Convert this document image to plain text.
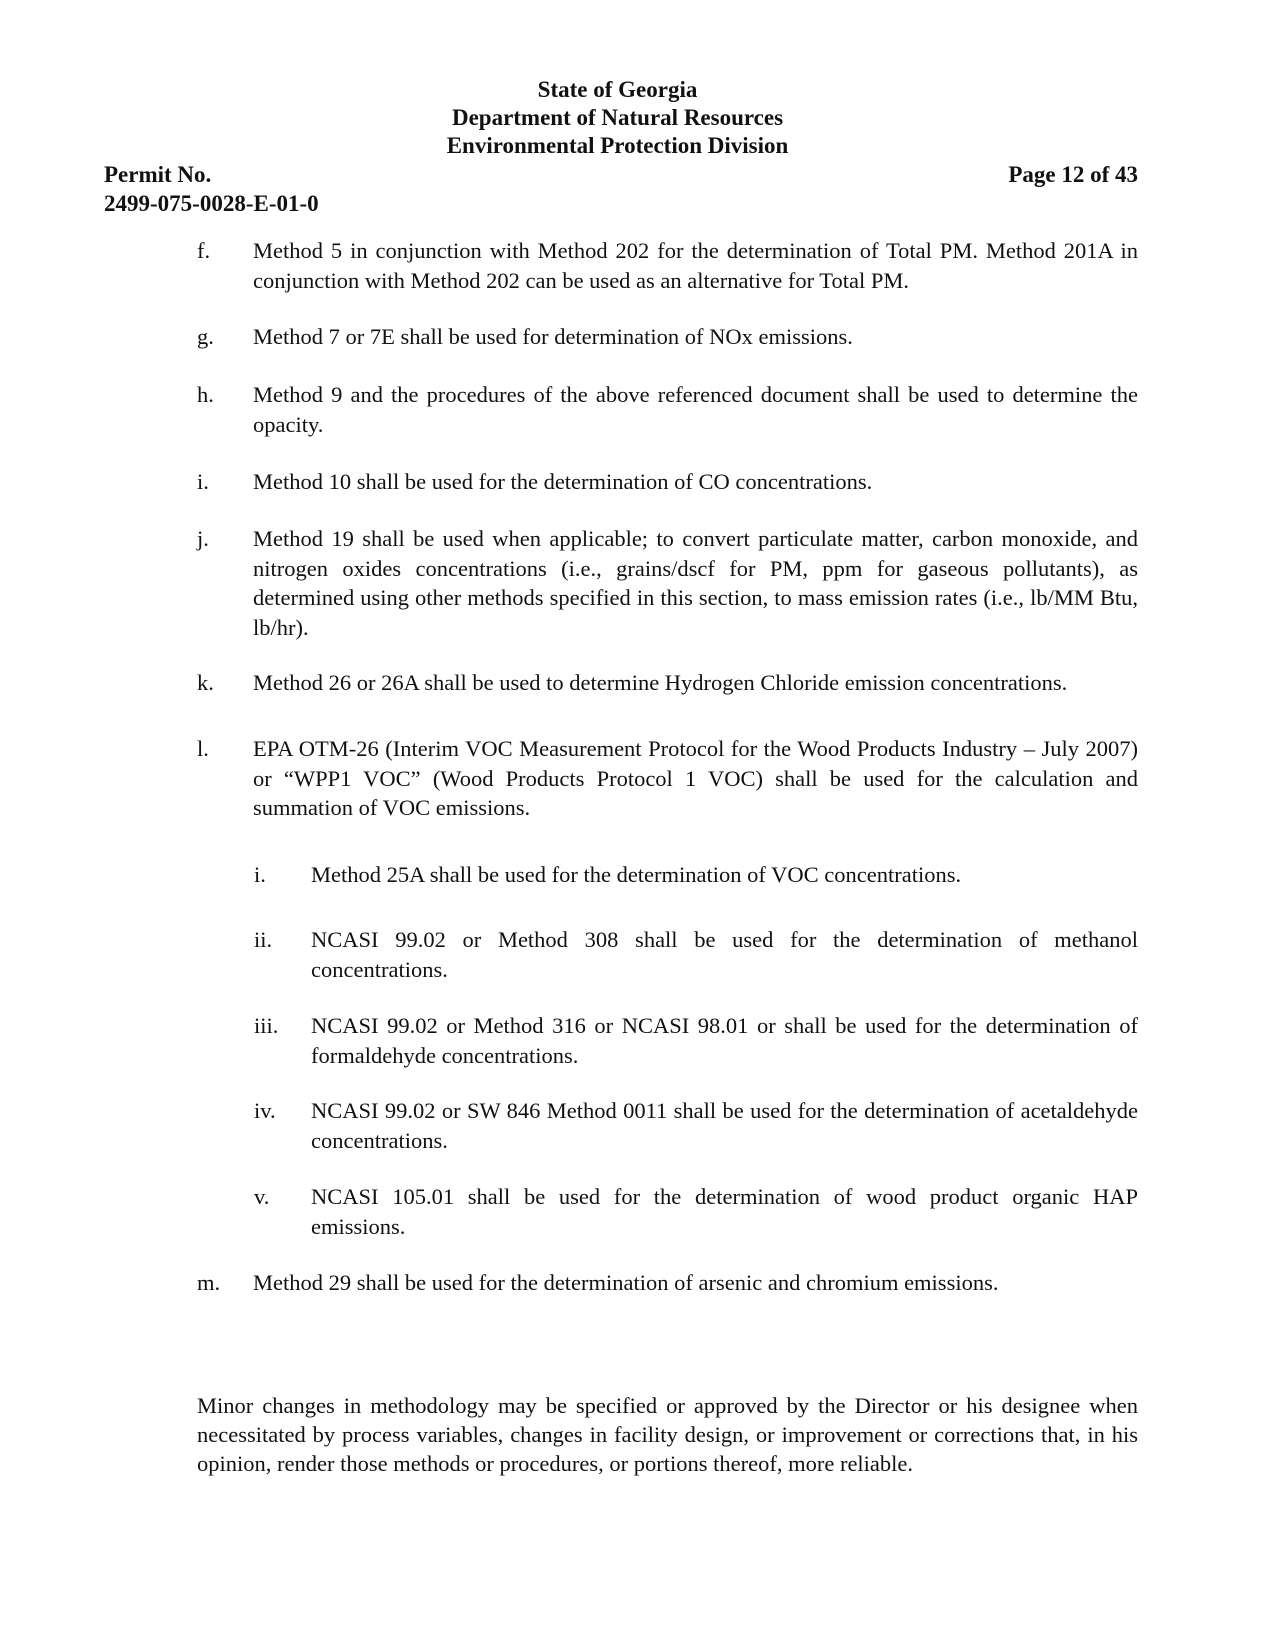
State of Georgia
Department of Natural Resources
Environmental Protection Division
Permit No.
2499-075-0028-E-01-0
Page 12 of 43
f. Method 5 in conjunction with Method 202 for the determination of Total PM. Method 201A in conjunction with Method 202 can be used as an alternative for Total PM.
g. Method 7 or 7E shall be used for determination of NOx emissions.
h. Method 9 and the procedures of the above referenced document shall be used to determine the opacity.
i. Method 10 shall be used for the determination of CO concentrations.
j. Method 19 shall be used when applicable; to convert particulate matter, carbon monoxide, and nitrogen oxides concentrations (i.e., grains/dscf for PM, ppm for gaseous pollutants), as determined using other methods specified in this section, to mass emission rates (i.e., lb/MM Btu, lb/hr).
k. Method 26 or 26A shall be used to determine Hydrogen Chloride emission concentrations.
l. EPA OTM-26 (Interim VOC Measurement Protocol for the Wood Products Industry – July 2007) or “WPP1 VOC” (Wood Products Protocol 1 VOC) shall be used for the calculation and summation of VOC emissions.
i. Method 25A shall be used for the determination of VOC concentrations.
ii. NCASI 99.02 or Method 308 shall be used for the determination of methanol concentrations.
iii. NCASI 99.02 or Method 316 or NCASI 98.01 or shall be used for the determination of formaldehyde concentrations.
iv. NCASI 99.02 or SW 846 Method 0011 shall be used for the determination of acetaldehyde concentrations.
v. NCASI 105.01 shall be used for the determination of wood product organic HAP emissions.
m. Method 29 shall be used for the determination of arsenic and chromium emissions.
Minor changes in methodology may be specified or approved by the Director or his designee when necessitated by process variables, changes in facility design, or improvement or corrections that, in his opinion, render those methods or procedures, or portions thereof, more reliable.
